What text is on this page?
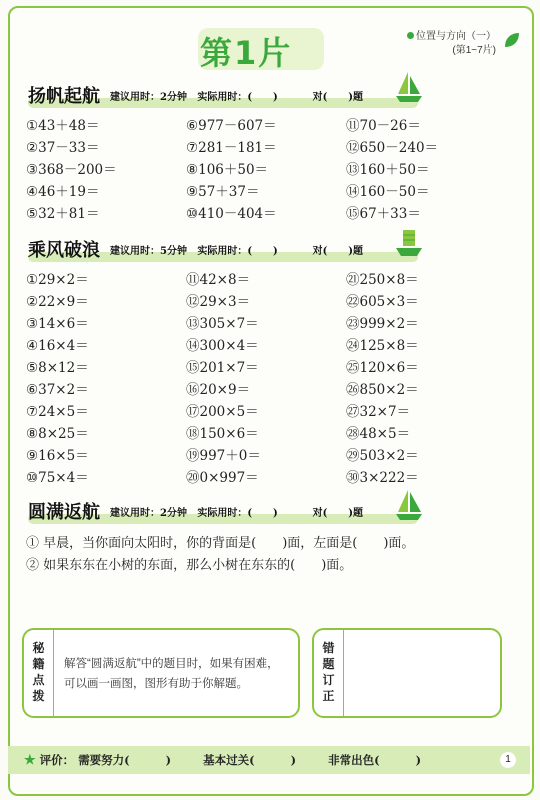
第1片	位置与方向（一）
(第1~7片)
扬帆起航 建议用时：2分钟 实际用时：(      )          对(      )题
①43＋48＝	⑥977－607＝	⑪70－26＝
②37－33＝	⑦281－181＝	⑫650－240＝
③368－200＝	⑧106＋50＝	⑬160＋50＝
④46＋19＝	⑨57＋37＝	⑭160－50＝
⑤32＋81＝	⑩410－404＝	⑮67＋33＝
乘风破浪 建议用时：5分钟 实际用时：(      )          对(      )题
①29×2＝	⑪42×8＝	㉑250×8＝
②22×9＝	⑫29×3＝	㉒605×3＝
③14×6＝	⑬305×7＝	㉓999×2＝
④16×4＝	⑭300×4＝	㉔125×8＝
⑤8×12＝	⑮201×7＝	㉕120×6＝
⑥37×2＝	⑯20×9＝	㉖850×2＝
⑦24×5＝	⑰200×5＝	㉗32×7＝
⑧8×25＝	⑱150×6＝	㉘48×5＝
⑨16×5＝	⑲997＋0＝	㉙503×2＝
⑩75×4＝	⑳0×997＝	㉚3×222＝
圆满返航 建议用时：2分钟 实际用时：(      )          对(      )题
① 早晨，当你面向太阳时，你的背面是(　　)面，左面是(　　)面。
② 如果东东在小树的东面，那么小树在东东的(　　)面。
秘籍点拨
解答“圆满返航”中的题目时，如果有困难，可以画一画图，图形有助于你解题。
错题订正
★ 评价： 需要努力(         )        基本过关(         )        非常出色(         )	1
